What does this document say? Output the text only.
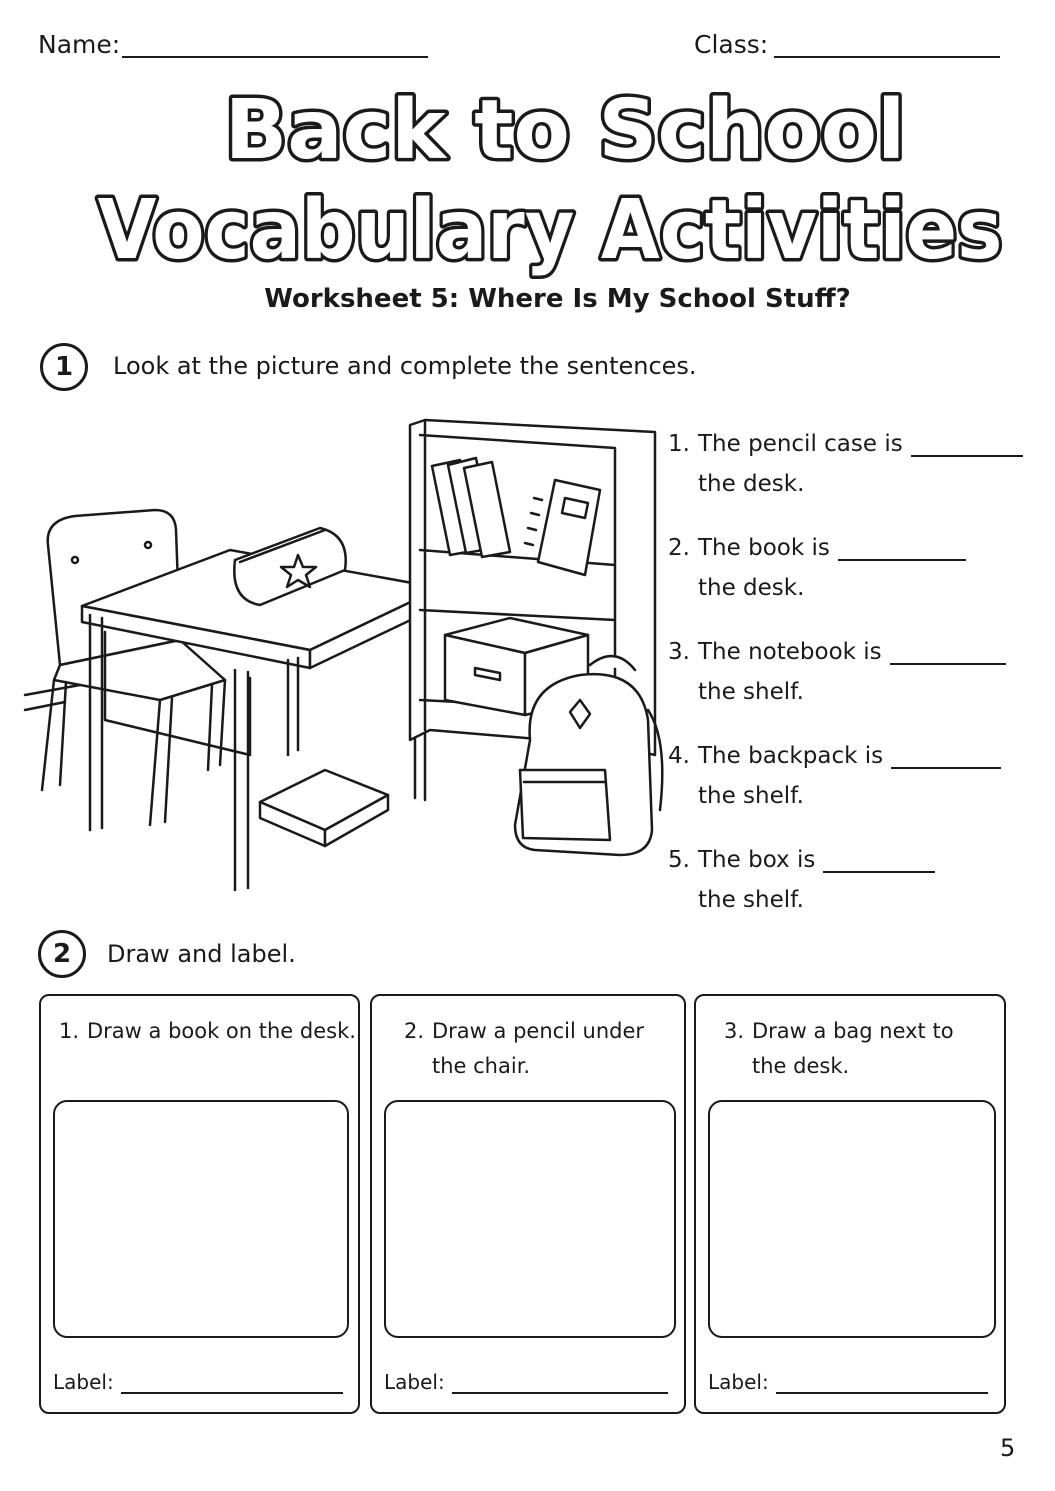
Name:	Class:
Back to School
Vocabulary Activities
Worksheet 5: Where Is My School Stuff?
1	Look at the picture and complete the sentences.
1. The pencil case is
the desk.
2. The book is
the desk.
3. The notebook is
the shelf.
4. The backpack is
the shelf.
5. The box is
the shelf.
2	Draw and label.
1. Draw a book on the desk.
Label:
2. Draw a pencil under
the chair.
Label:
3. Draw a bag next to
the desk.
Label:
5
